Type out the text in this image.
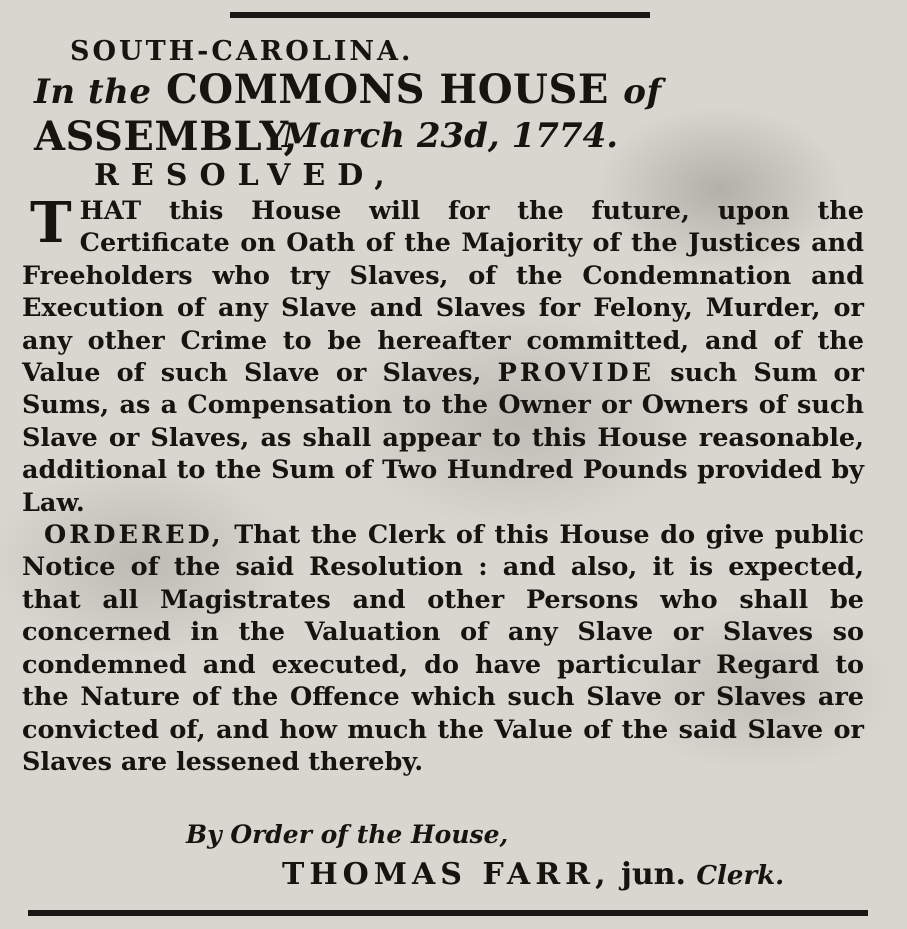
SOUTH-CAROLINA.
In the COMMONS HOUSE of ASSEMBLY,
March 23d, 1774.
RESOLVED,

T HAT this House will for the future, upon the Certificate on Oath of the Majority of the Justices and Freeholders who try Slaves, of the Condemnation and Execution of any Slave and Slaves for Felony, Murder, or any other Crime to be hereafter committed, and of the Value of such Slave or Slaves, PROVIDE such Sum or Sums, as a Compensation to the Owner or Owners of such Slave or Slaves, as shall appear to this House reasonable, additional to the Sum of Two Hundred Pounds provided by Law.

ORDERED, That the Clerk of this House do give public Notice of the said Resolution : and also, it is expected, that all Magistrates and other Persons who shall be concerned in the Valuation of any Slave or Slaves so condemned and executed, do have particular Regard to the Nature of the Offence which such Slave or Slaves are convicted of, and how much the Value of the said Slave or Slaves are lessened thereby.

By Order of the House,
THOMAS FARR, jun. Clerk.
